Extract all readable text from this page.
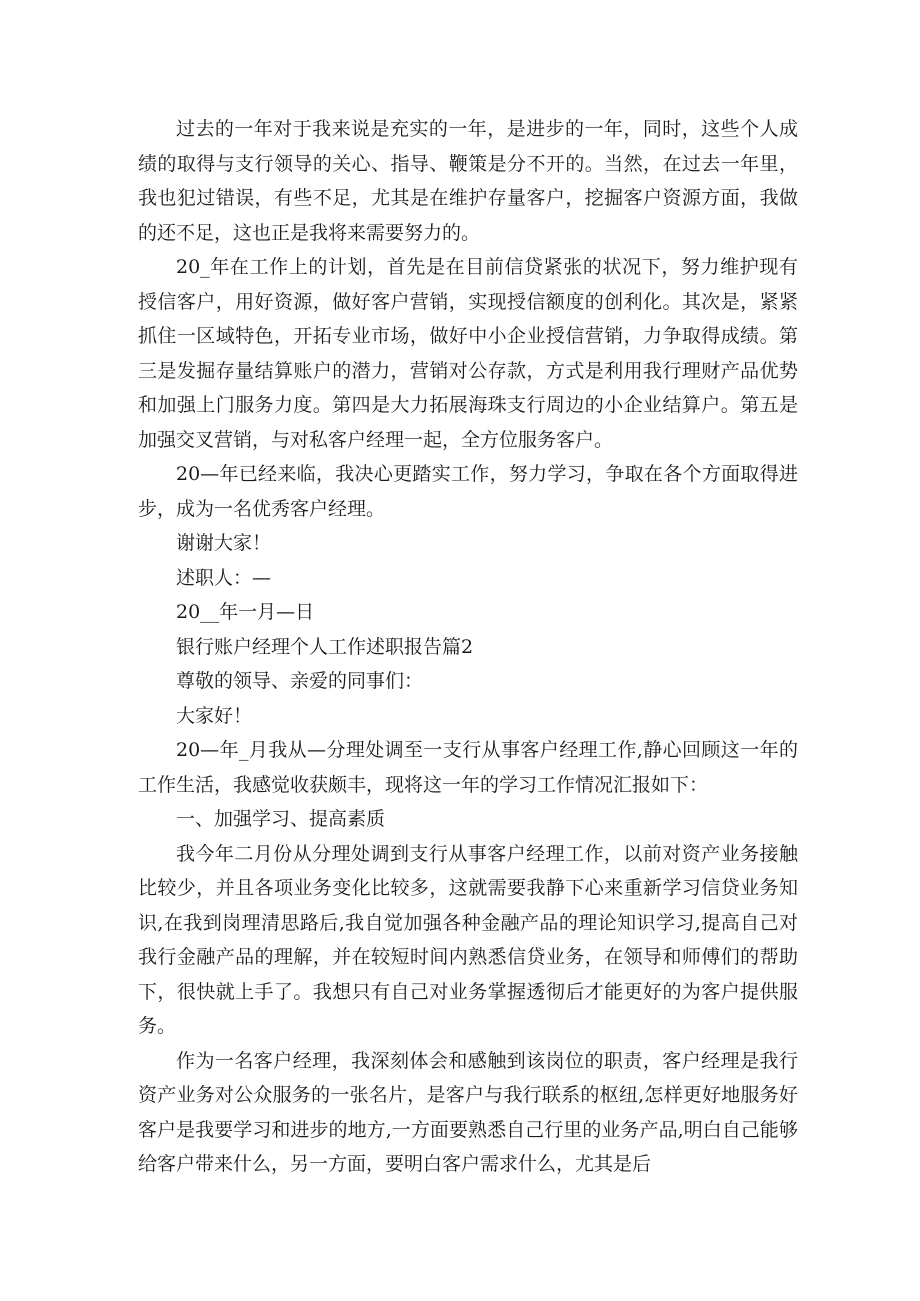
过去的一年对于我来说是充实的一年，是进步的一年，同时，这些个人成绩的取得与支行领导的关心、指导、鞭策是分不开的。当然，在过去一年里，我也犯过错误，有些不足，尤其是在维护存量客户，挖掘客户资源方面，我做的还不足，这也正是我将来需要努力的。

20_年在工作上的计划，首先是在目前信贷紧张的状况下，努力维护现有授信客户，用好资源，做好客户营销，实现授信额度的创利化。其次是，紧紧抓住一区域特色，开拓专业市场，做好中小企业授信营销，力争取得成绩。第三是发掘存量结算账户的潜力，营销对公存款，方式是利用我行理财产品优势和加强上门服务力度。第四是大力拓展海珠支行周边的小企业结算户。第五是加强交叉营销，与对私客户经理一起，全方位服务客户。

20—年已经来临，我决心更踏实工作，努力学习，争取在各个方面取得进步，成为一名优秀客户经理。

谢谢大家！

述职人：—

20__年一月—日

银行账户经理个人工作述职报告篇2

尊敬的领导、亲爱的同事们：

大家好！

20—年_月我从—分理处调至一支行从事客户经理工作,静心回顾这一年的工作生活，我感觉收获颇丰，现将这一年的学习工作情况汇报如下：

一、加强学习、提高素质

我今年二月份从分理处调到支行从事客户经理工作，以前对资产业务接触比较少，并且各项业务变化比较多，这就需要我静下心来重新学习信贷业务知识,在我到岗理清思路后,我自觉加强各种金融产品的理论知识学习,提高自己对我行金融产品的理解，并在较短时间内熟悉信贷业务，在领导和师傅们的帮助下，很快就上手了。我想只有自己对业务掌握透彻后才能更好的为客户提供服务。

作为一名客户经理，我深刻体会和感触到该岗位的职责，客户经理是我行资产业务对公众服务的一张名片，是客户与我行联系的枢纽,怎样更好地服务好客户是我要学习和进步的地方,一方面要熟悉自己行里的业务产品,明白自己能够给客户带来什么，另一方面，要明白客户需求什么，尤其是后
